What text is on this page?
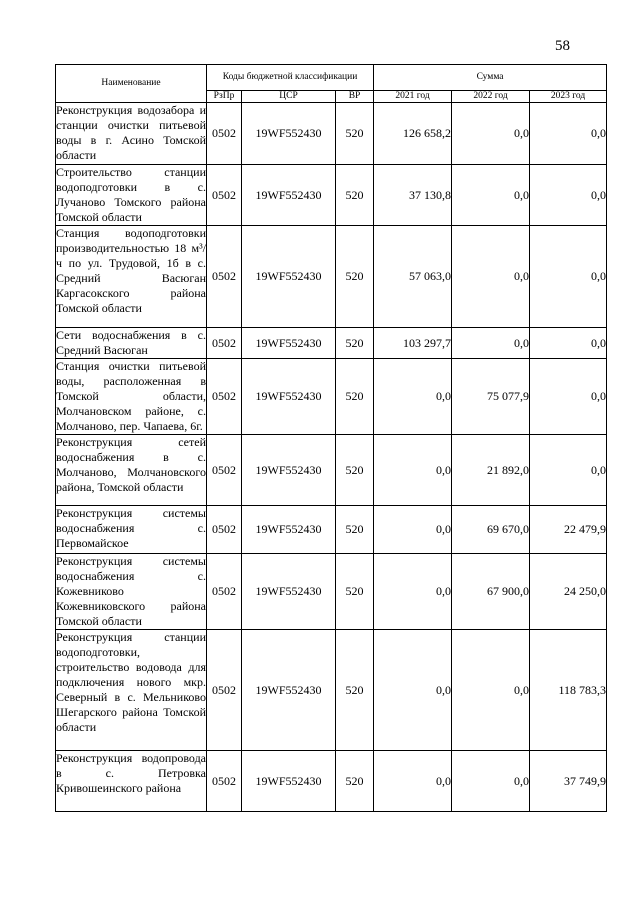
58
Наименование	Коды бюджетной классификации			Сумма		
	РзПр	ЦСР	ВР	2021 год	2022 год	2023 год
Реконструкция водозабора и станции очистки питьевой воды в г. Асино Томской области	0502	19WF552430	520	126 658,2	0,0	0,0
Строительство станции водоподготовки в с. Лучаново Томского района Томской области	0502	19WF552430	520	37 130,8	0,0	0,0
Станция водоподготовки производительностью 18 м³/ч по ул. Трудовой, 1б в с. Средний Васюган Каргасокского района Томской области	0502	19WF552430	520	57 063,0	0,0	0,0
Сети водоснабжения в с. Средний Васюган	0502	19WF552430	520	103 297,7	0,0	0,0
Станция очистки питьевой воды, расположенная в Томской области, Молчановском районе, с. Молчаново, пер. Чапаева, 6г.	0502	19WF552430	520	0,0	75 077,9	0,0
Реконструкция сетей водоснабжения в с. Молчаново, Молчановского района, Томской области	0502	19WF552430	520	0,0	21 892,0	0,0
Реконструкция системы водоснабжения с. Первомайское	0502	19WF552430	520	0,0	69 670,0	22 479,9
Реконструкция системы водоснабжения с. Кожевниково Кожевниковского района Томской области	0502	19WF552430	520	0,0	67 900,0	24 250,0
Реконструкция станции водоподготовки, строительство водовода для подключения нового мкр. Северный в с. Мельниково Шегарского района Томской области	0502	19WF552430	520	0,0	0,0	118 783,3
Реконструкция водопровода в с. Петровка Кривошеинского района	0502	19WF552430	520	0,0	0,0	37 749,9
